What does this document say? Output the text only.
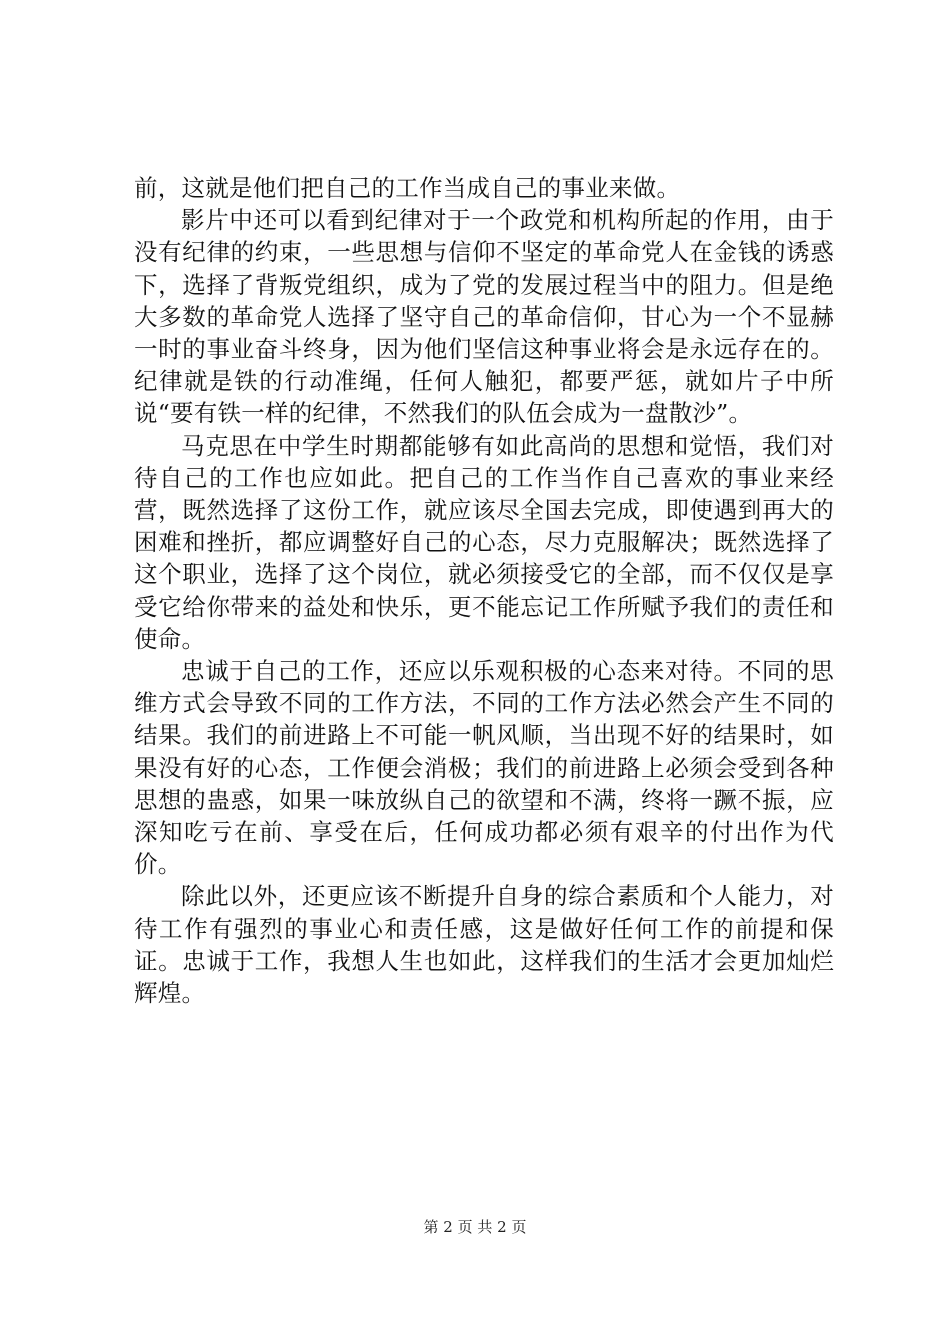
前，这就是他们把自己的工作当成自己的事业来做。

影片中还可以看到纪律对于一个政党和机构所起的作用，由于没有纪律的约束，一些思想与信仰不坚定的革命党人在金钱的诱惑下，选择了背叛党组织，成为了党的发展过程当中的阻力。但是绝大多数的革命党人选择了坚守自己的革命信仰，甘心为一个不显赫一时的事业奋斗终身，因为他们坚信这种事业将会是永远存在的。纪律就是铁的行动准绳，任何人触犯，都要严惩，就如片子中所说“要有铁一样的纪律，不然我们的队伍会成为一盘散沙”。

马克思在中学生时期都能够有如此高尚的思想和觉悟，我们对待自己的工作也应如此。把自己的工作当作自己喜欢的事业来经营，既然选择了这份工作，就应该尽全国去完成，即使遇到再大的困难和挫折，都应调整好自己的心态，尽力克服解决；既然选择了这个职业，选择了这个岗位，就必须接受它的全部，而不仅仅是享受它给你带来的益处和快乐，更不能忘记工作所赋予我们的责任和使命。

忠诚于自己的工作，还应以乐观积极的心态来对待。不同的思维方式会导致不同的工作方法，不同的工作方法必然会产生不同的结果。我们的前进路上不可能一帆风顺，当出现不好的结果时，如果没有好的心态，工作便会消极；我们的前进路上必须会受到各种思想的蛊惑，如果一味放纵自己的欲望和不满，终将一蹶不振，应深知吃亏在前、享受在后，任何成功都必须有艰辛的付出作为代价。

除此以外，还更应该不断提升自身的综合素质和个人能力，对待工作有强烈的事业心和责任感，这是做好任何工作的前提和保证。忠诚于工作，我想人生也如此，这样我们的生活才会更加灿烂辉煌。

第 2 页 共 2 页
